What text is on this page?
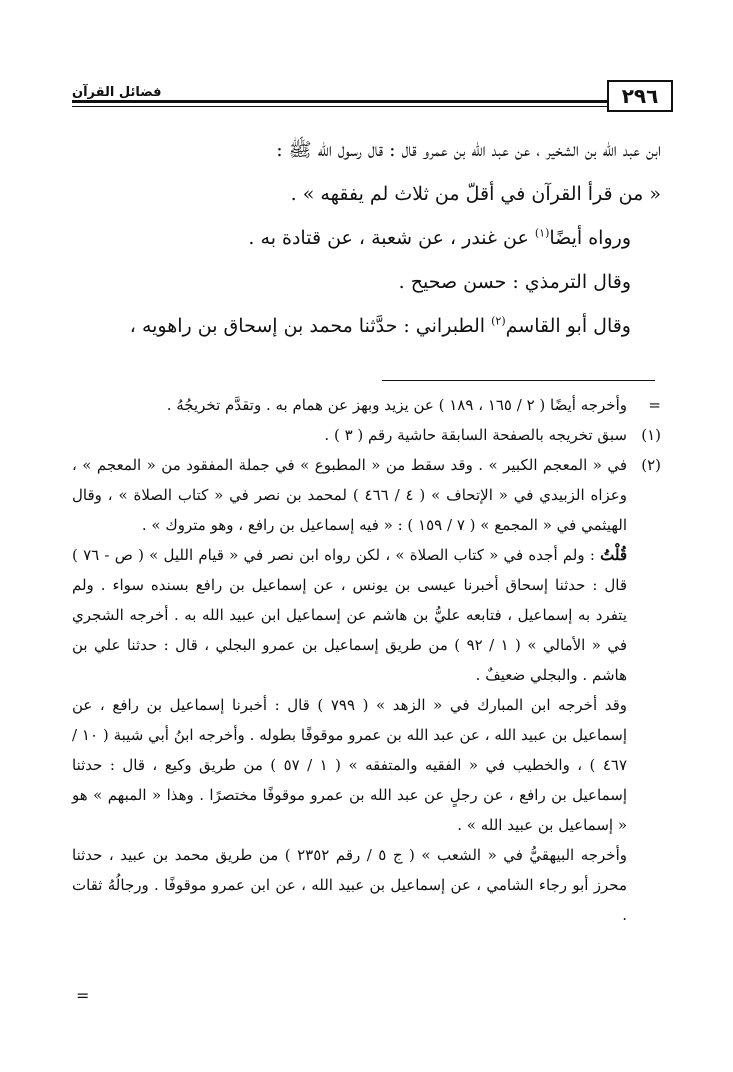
٢٩٦
فضائل القرآن

ابن عبد الله بن الشخير ، عن عبد الله بن عمرو قال : قال رسول الله ﷺ :

« من قرأ القرآن في أقلّ من ثلاث لم يفقهه » .

ورواه أيضًا$^{(١)}$ عن غندر ، عن شعبة ، عن قتادة به .

وقال الترمذي : حسن صحيح .

وقال أبو القاسم$^{(٢)}$ الطبراني : حدَّثنا محمد بن إسحاق بن راهويه ،

=

وأخرجه أيضًا ( ٢ / ١٦٥ ، ١٨٩ ) عن يزيد وبهز عن همام به . وتقدَّم تخريجُهُ .

(١)

سبق تخريجه بالصفحة السابقة حاشية رقم ( ٣ ) .

(٢)

في « المعجم الكبير » . وقد سقط من « المطبوع » في جملة المفقود من « المعجم » ، وعزاه الزبيدي في « الإتحاف » ( ٤ / ٤٦٦ ) لمحمد بن نصر في « كتاب الصلاة » ، وقال الهيثمي في « المجمع » ( ٧ / ١٥٩ ) : « فيه إسماعيل بن رافع ، وهو متروك » .

قُلْتُ : ولم أجده في « كتاب الصلاة » ، لكن رواه ابن نصر في « قيام الليل » ( ص - ٧٦ ) قال : حدثنا إسحاق أخبرنا عيسى بن يونس ، عن إسماعيل بن رافع بسنده سواء . ولم يتفرد به إسماعيل ، فتابعه عليُّ بن هاشم عن إسماعيل ابن عبيد الله به . أخرجه الشجري في « الأمالي » ( ١ / ٩٢ ) من طريق إسماعيل بن عمرو البجلي ، قال : حدثنا علي بن هاشم . والبجلي ضعيفٌ .

وقد أخرجه ابن المبارك في « الزهد » ( ٧٩٩ ) قال : أخبرنا إسماعيل بن رافع ، عن إسماعيل بن عبيد الله ، عن عبد الله بن عمرو موقوفًا بطوله . وأخرجه ابنُ أبي شيبة ( ١٠ / ٤٦٧ ) ، والخطيب في « الفقيه والمتفقه » ( ١ / ٥٧ ) من طريق وكيع ، قال : حدثنا إسماعيل بن رافع ، عن رجلٍ عن عبد الله بن عمرو موقوفًا مختصرًا . وهذا « المبهم » هو « إسماعيل بن عبيد الله » .

وأخرجه البيهقيُّ في « الشعب » ( ج ٥ / رقم ٢٣٥٢ ) من طريق محمد بن عبيد ، حدثنا محرز أبو رجاء الشامي ، عن إسماعيل بن عبيد الله ، عن ابن عمرو موقوفًا . ورجالُهُ ثقات .

=
